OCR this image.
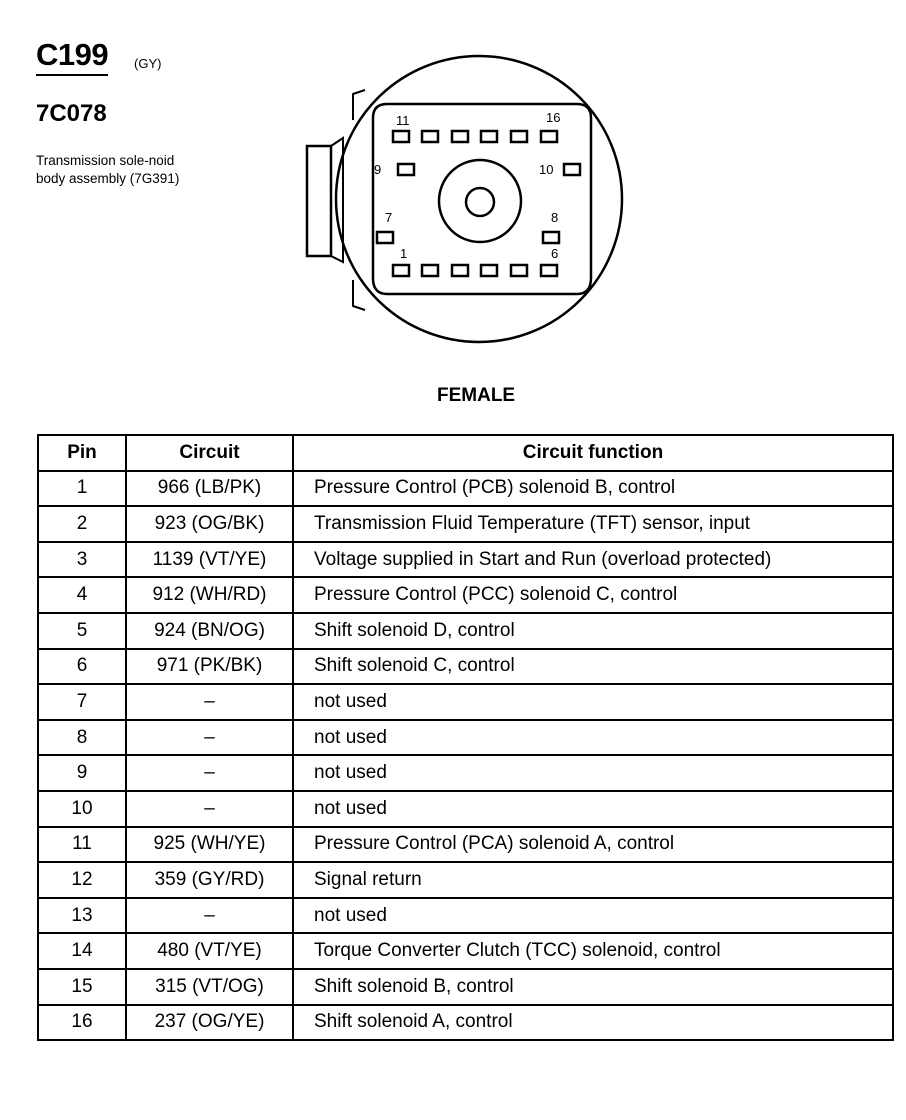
C199 (GY)
7C078
Transmission sole-noid body assembly (7G391)
11	16
9	10
7	8
1	6
FEMALE
Pin	Circuit	Circuit function
1	966 (LB/PK)	Pressure Control (PCB) solenoid B, control
2	923 (OG/BK)	Transmission Fluid Temperature (TFT) sensor, input
3	1139 (VT/YE)	Voltage supplied in Start and Run (overload protected)
4	912 (WH/RD)	Pressure Control (PCC) solenoid C, control
5	924 (BN/OG)	Shift solenoid D, control
6	971 (PK/BK)	Shift solenoid C, control
7	–	not used
8	–	not used
9	–	not used
10	–	not used
11	925 (WH/YE)	Pressure Control (PCA) solenoid A, control
12	359 (GY/RD)	Signal return
13	–	not used
14	480 (VT/YE)	Torque Converter Clutch (TCC) solenoid, control
15	315 (VT/OG)	Shift solenoid B, control
16	237 (OG/YE)	Shift solenoid A, control
